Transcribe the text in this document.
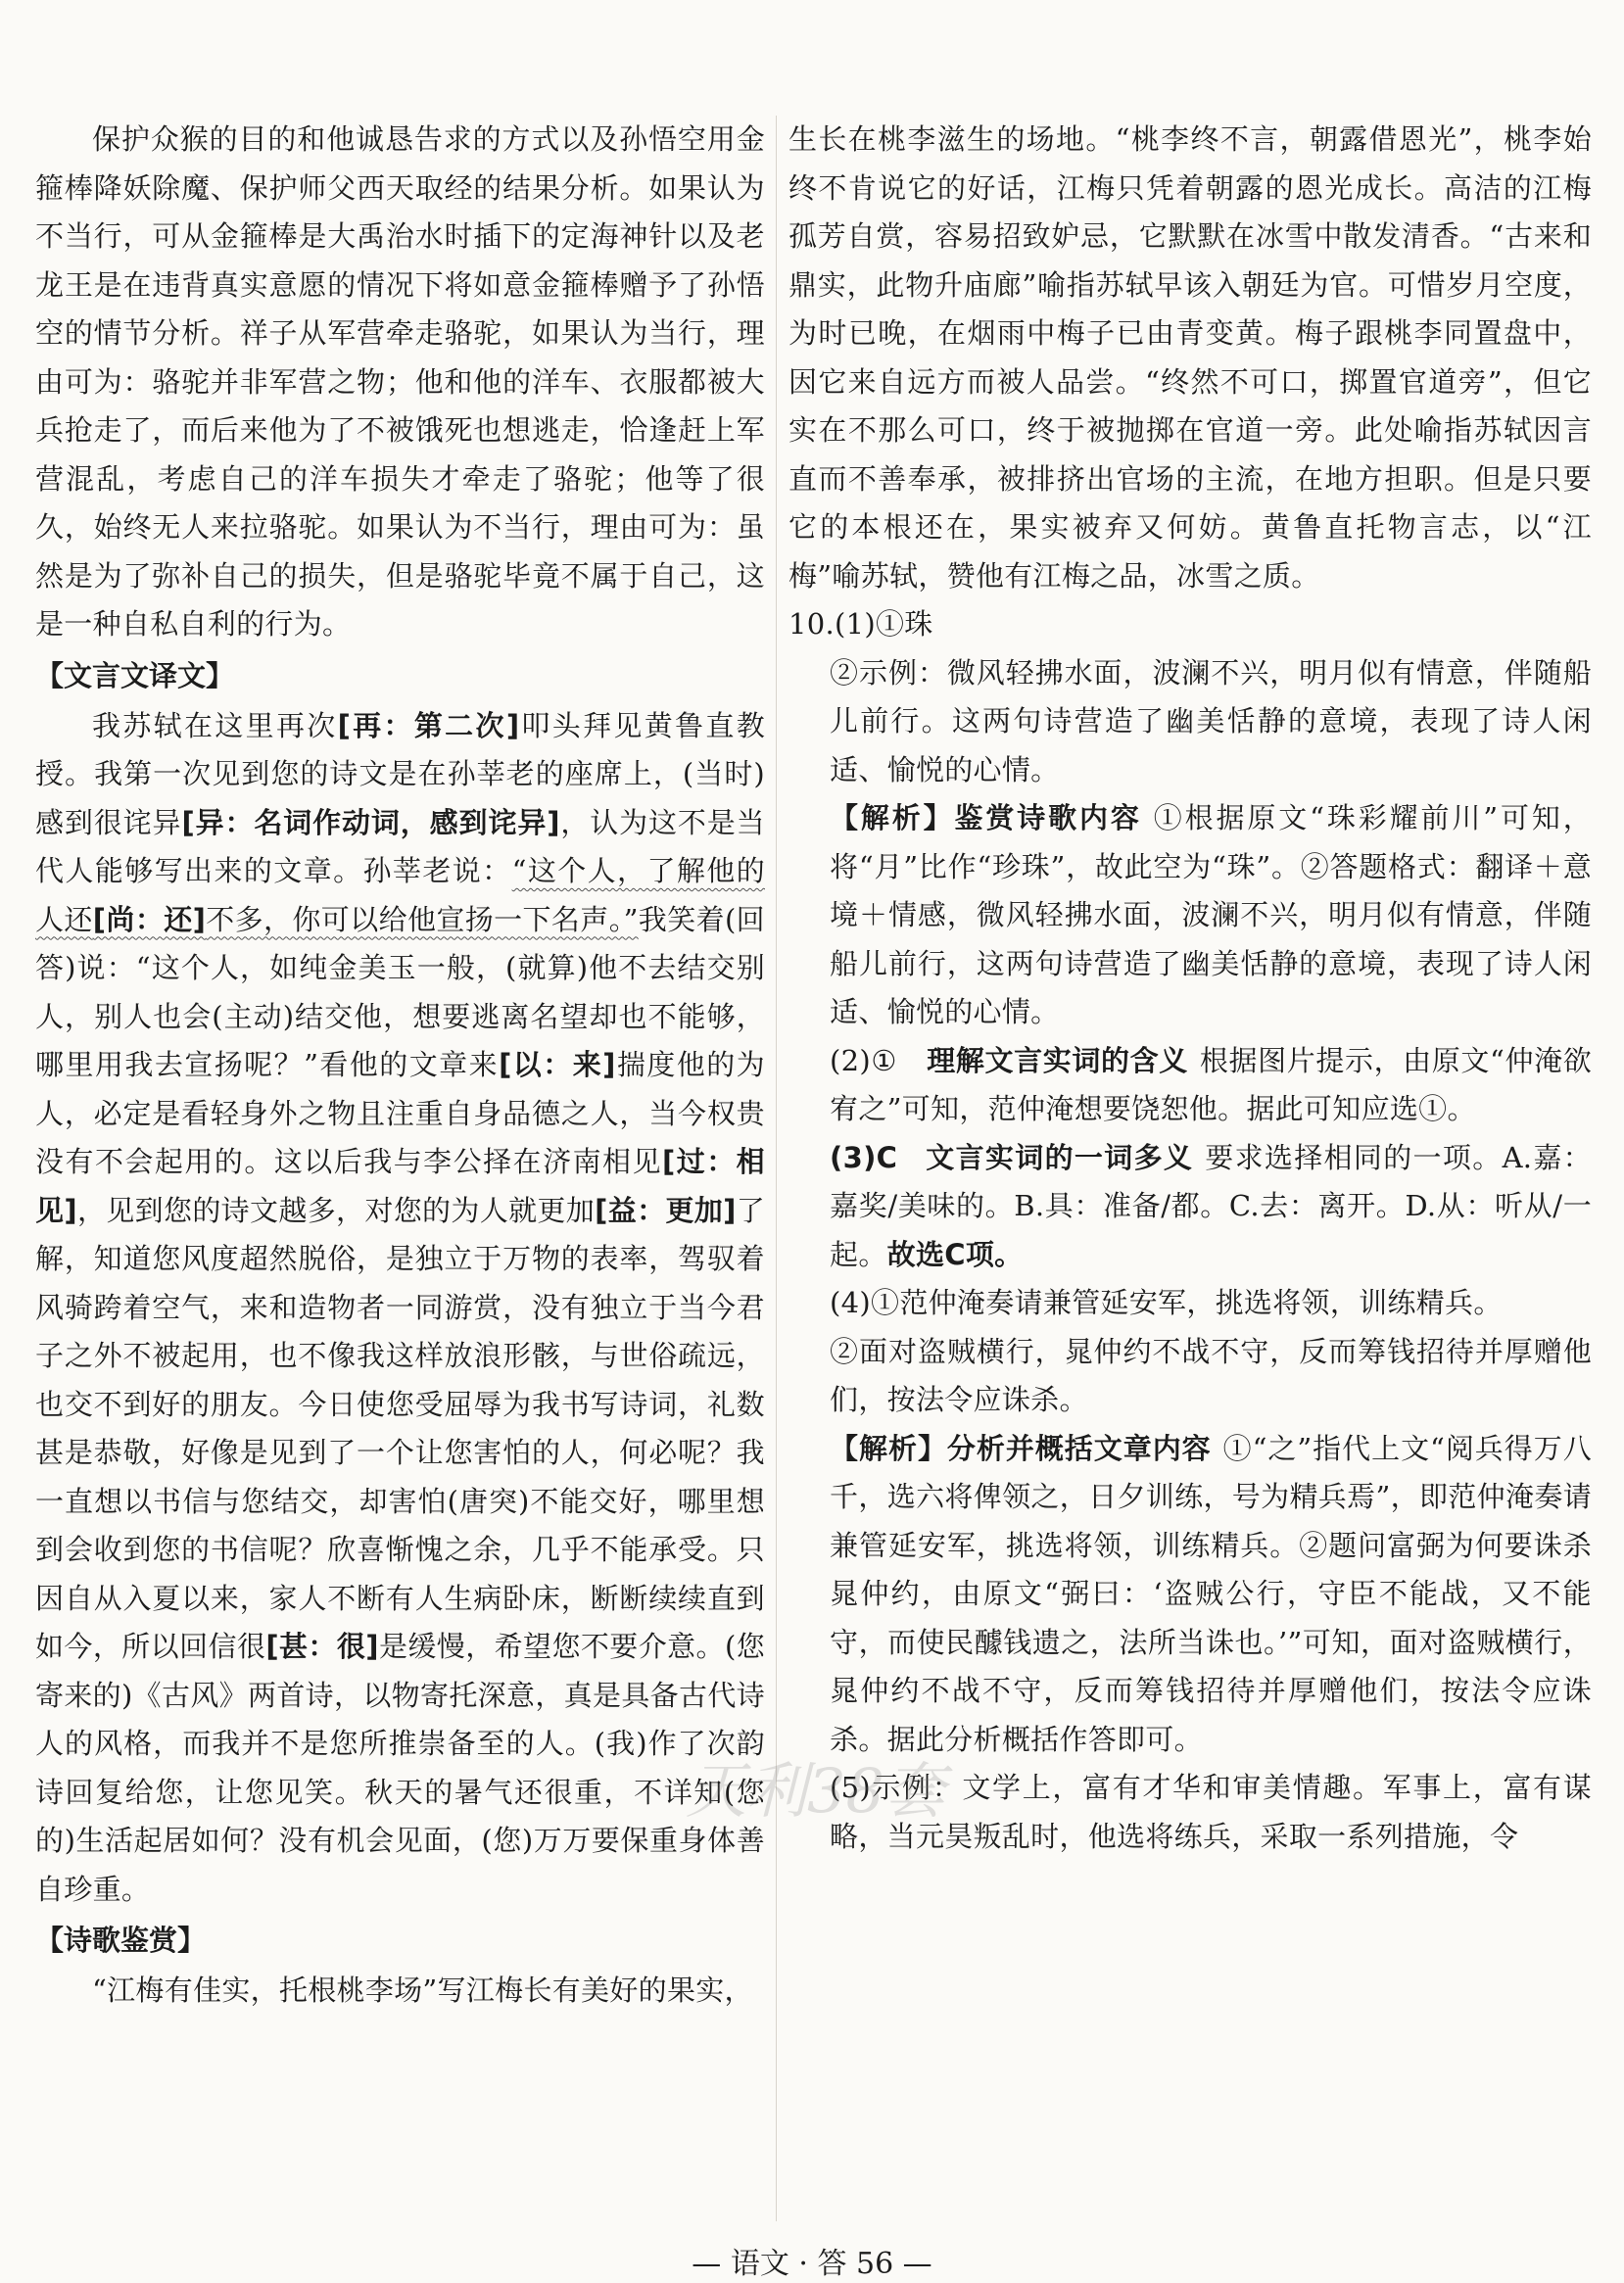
保护众猴的目的和他诚恳告求的方式以及孙悟空用金箍棒降妖除魔、保护师父西天取经的结果分析。如果认为不当行，可从金箍棒是大禹治水时插下的定海神针以及老龙王是在违背真实意愿的情况下将如意金箍棒赠予了孙悟空的情节分析。祥子从军营牵走骆驼，如果认为当行，理由可为：骆驼并非军营之物；他和他的洋车、衣服都被大兵抢走了，而后来他为了不被饿死也想逃走，恰逢赶上军营混乱，考虑自己的洋车损失才牵走了骆驼；他等了很久，始终无人来拉骆驼。如果认为不当行，理由可为：虽然是为了弥补自己的损失，但是骆驼毕竟不属于自己，这是一种自私自利的行为。

【文言文译文】

我苏轼在这里再次[再：第二次]叩头拜见黄鲁直教授。我第一次见到您的诗文是在孙莘老的座席上，(当时)感到很诧异[异：名词作动词，感到诧异]，认为这不是当代人能够写出来的文章。孙莘老说：“这个人，了解他的人还[尚：还]不多，你可以给他宣扬一下名声。”我笑着(回答)说：“这个人，如纯金美玉一般，(就算)他不去结交别人，别人也会(主动)结交他，想要逃离名望却也不能够，哪里用我去宣扬呢？”看他的文章来[以：来]揣度他的为人，必定是看轻身外之物且注重自身品德之人，当今权贵没有不会起用的。这以后我与李公择在济南相见[过：相见]，见到您的诗文越多，对您的为人就更加[益：更加]了解，知道您风度超然脱俗，是独立于万物的表率，驾驭着风骑跨着空气，来和造物者一同游赏，没有独立于当今君子之外不被起用，也不像我这样放浪形骸，与世俗疏远，也交不到好的朋友。今日使您受屈辱为我书写诗词，礼数甚是恭敬，好像是见到了一个让您害怕的人，何必呢？我一直想以书信与您结交，却害怕(唐突)不能交好，哪里想到会收到您的书信呢？欣喜惭愧之余，几乎不能承受。只因自从入夏以来，家人不断有人生病卧床，断断续续直到如今，所以回信很[甚：很]是缓慢，希望您不要介意。(您寄来的)《古风》两首诗，以物寄托深意，真是具备古代诗人的风格，而我并不是您所推崇备至的人。(我)作了次韵诗回复给您，让您见笑。秋天的暑气还很重，不详知(您的)生活起居如何？没有机会见面，(您)万万要保重身体善自珍重。

【诗歌鉴赏】

“江梅有佳实，托根桃李场”写江梅长有美好的果实，

生长在桃李滋生的场地。“桃李终不言，朝露借恩光”，桃李始终不肯说它的好话，江梅只凭着朝露的恩光成长。高洁的江梅孤芳自赏，容易招致妒忌，它默默在冰雪中散发清香。“古来和鼎实，此物升庙廊”喻指苏轼早该入朝廷为官。可惜岁月空度，为时已晚，在烟雨中梅子已由青变黄。梅子跟桃李同置盘中，因它来自远方而被人品尝。“终然不可口，掷置官道旁”，但它实在不那么可口，终于被抛掷在官道一旁。此处喻指苏轼因言直而不善奉承，被排挤出官场的主流，在地方担职。但是只要它的本根还在，果实被弃又何妨。黄鲁直托物言志，以“江梅”喻苏轼，赞他有江梅之品，冰雪之质。

10.(1)①珠

②示例：微风轻拂水面，波澜不兴，明月似有情意，伴随船儿前行。这两句诗营造了幽美恬静的意境，表现了诗人闲适、愉悦的心情。

【解析】鉴赏诗歌内容 ①根据原文“珠彩耀前川”可知，将“月”比作“珍珠”，故此空为“珠”。②答题格式：翻译＋意境＋情感，微风轻拂水面，波澜不兴，明月似有情意，伴随船儿前行，这两句诗营造了幽美恬静的意境，表现了诗人闲适、愉悦的心情。

(2)① 理解文言实词的含义 根据图片提示，由原文“仲淹欲宥之”可知，范仲淹想要饶恕他。据此可知应选①。

(3)C 文言实词的一词多义 要求选择相同的一项。A.嘉：嘉奖/美味的。B.具：准备/都。C.去：离开。D.从：听从/一起。故选C项。

(4)①范仲淹奏请兼管延安军，挑选将领，训练精兵。

②面对盗贼横行，晁仲约不战不守，反而筹钱招待并厚赠他们，按法令应诛杀。

【解析】分析并概括文章内容 ①“之”指代上文“阅兵得万八千，选六将俾领之，日夕训练，号为精兵焉”，即范仲淹奏请兼管延安军，挑选将领，训练精兵。②题问富弼为何要诛杀晁仲约，由原文“弼曰：‘盗贼公行，守臣不能战，又不能守，而使民醵钱遗之，法所当诛也。’”可知，面对盗贼横行，晁仲约不战不守，反而筹钱招待并厚赠他们，按法令应诛杀。据此分析概括作答即可。

(5)示例：文学上，富有才华和审美情趣。军事上，富有谋略，当元昊叛乱时，他选将练兵，采取一系列措施，令

天利38套
— 语文 · 答 56 —
